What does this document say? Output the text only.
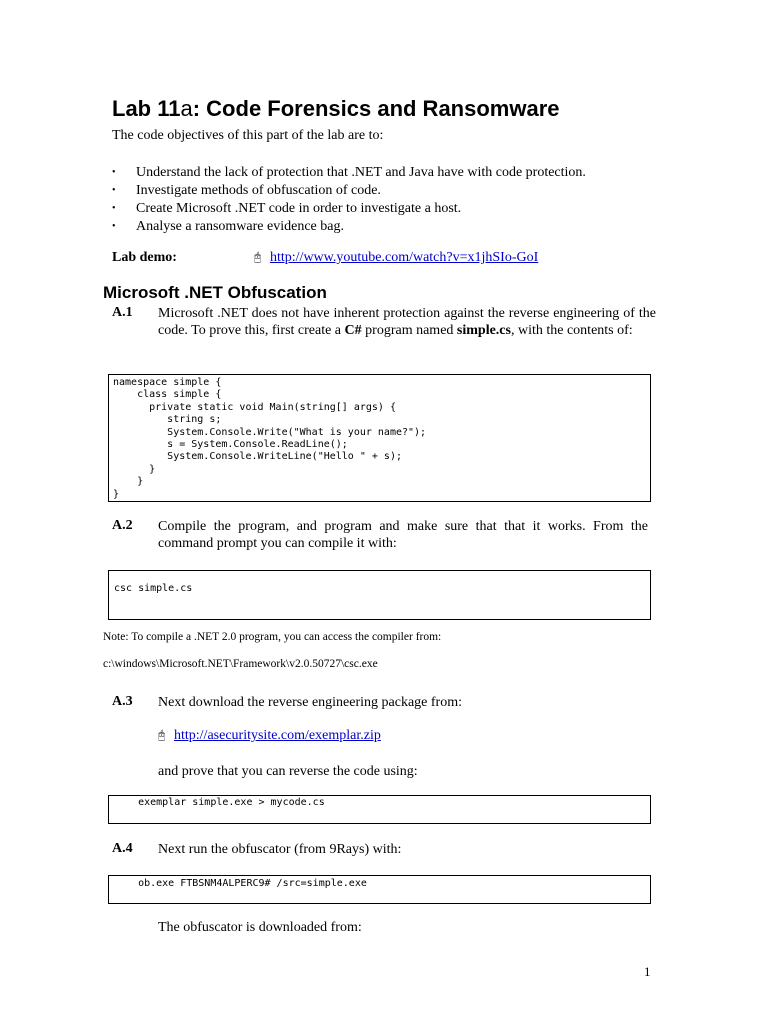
Lab 11a: Code Forensics and Ransomware
The code objectives of this part of the lab are to:
• Understand the lack of protection that .NET and Java have with code protection.
• Investigate methods of obfuscation of code.
• Create Microsoft .NET code in order to investigate a host.
• Analyse a ransomware evidence bag.
Lab demo:	🖰 http://www.youtube.com/watch?v=x1jhSIo-GoI
Microsoft .NET Obfuscation
A.1 Microsoft .NET does not have inherent protection against the reverse engineering of the code. To prove this, first create a C# program named simple.cs, with the contents of:
namespace simple {
class simple {
private static void Main(string[] args) {
string s;
System.Console.Write("What is your name?");
s = System.Console.ReadLine();
System.Console.WriteLine("Hello " + s);
}
}
}
A.2 Compile the program, and program and make sure that that it works. From the command prompt you can compile it with:
csc simple.cs
Note: To compile a .NET 2.0 program, you can access the compiler from:
c:\windows\Microsoft.NET\Framework\v2.0.50727\csc.exe
A.3 Next download the reverse engineering package from:
🖰 http://asecuritysite.com/exemplar.zip
and prove that you can reverse the code using:
exemplar simple.exe > mycode.cs
A.4 Next run the obfuscator (from 9Rays) with:
ob.exe FTBSNM4ALPERC9# /src=simple.exe
The obfuscator is downloaded from:
1
